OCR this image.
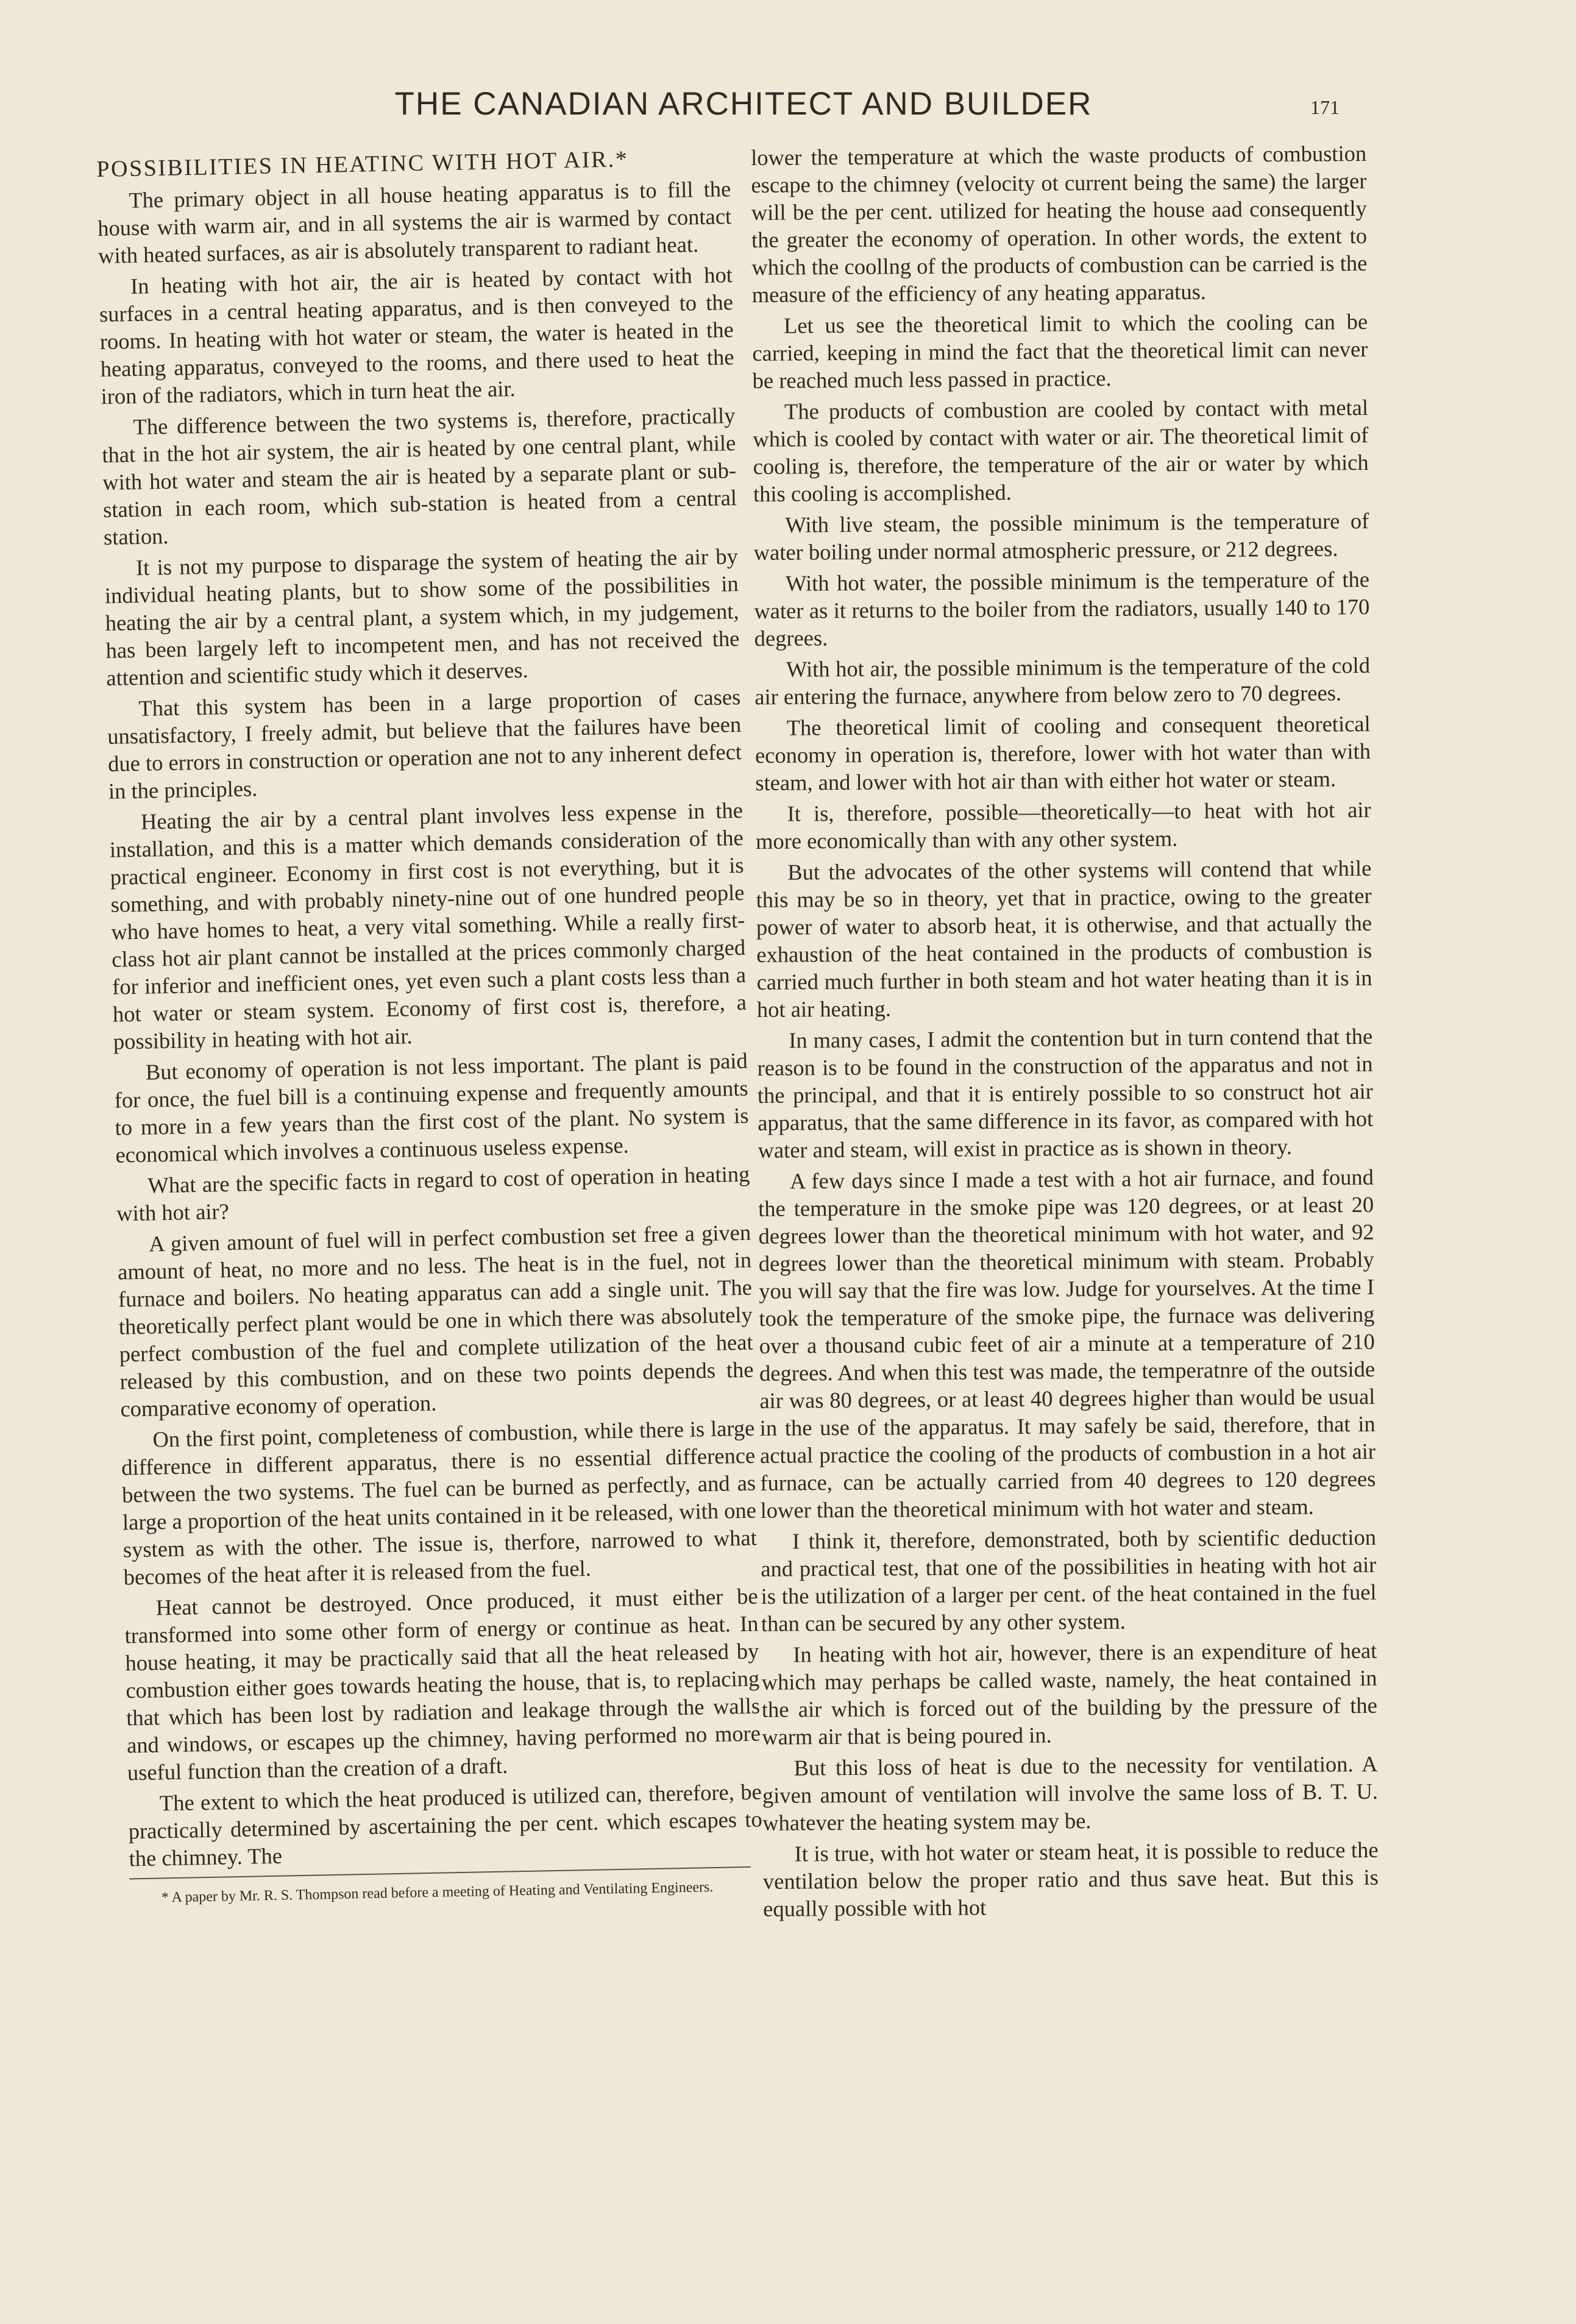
THE CANADIAN ARCHITECT AND BUILDER	171
POSSIBILITIES IN HEATINC WITH HOT AIR.*

The primary object in all house heating apparatus is to fill the house with warm air, and in all systems the air is warmed by contact with heated surfaces, as air is absolutely transparent to radiant heat.

In heating with hot air, the air is heated by contact with hot surfaces in a central heating apparatus, and is then conveyed to the rooms. In heating with hot water or steam, the water is heated in the heating apparatus, conveyed to the rooms, and there used to heat the iron of the radiators, which in turn heat the air.

The difference between the two systems is, therefore, practically that in the hot air system, the air is heated by one central plant, while with hot water and steam the air is heated by a separate plant or sub-station in each room, which sub-station is heated from a central station.

It is not my purpose to disparage the system of heating the air by individual heating plants, but to show some of the possibilities in heating the air by a central plant, a system which, in my judgement, has been largely left to incompetent men, and has not received the attention and scientific study which it deserves.

That this system has been in a large proportion of cases unsatisfactory, I freely admit, but believe that the failures have been due to errors in construction or operation ane not to any inherent defect in the principles.

Heating the air by a central plant involves less expense in the installation, and this is a matter which demands consideration of the practical engineer. Economy in first cost is not everything, but it is something, and with probably ninety-nine out of one hundred people who have homes to heat, a very vital something. While a really first-class hot air plant cannot be installed at the prices commonly charged for inferior and inefficient ones, yet even such a plant costs less than a hot water or steam system. Economy of first cost is, therefore, a possibility in heating with hot air.

But economy of operation is not less important. The plant is paid for once, the fuel bill is a continuing expense and frequently amounts to more in a few years than the first cost of the plant. No system is economical which involves a continuous useless expense.

What are the specific facts in regard to cost of operation in heating with hot air?

A given amount of fuel will in perfect combustion set free a given amount of heat, no more and no less. The heat is in the fuel, not in furnace and boilers. No heating apparatus can add a single unit. The theoretically perfect plant would be one in which there was absolutely perfect combustion of the fuel and complete utilization of the heat released by this combustion, and on these two points depends the comparative economy of operation.

On the first point, completeness of combustion, while there is large difference in different apparatus, there is no essential difference between the two systems. The fuel can be burned as perfectly, and as large a proportion of the heat units contained in it be released, with one system as with the other. The issue is, therfore, narrowed to what becomes of the heat after it is released from the fuel.

Heat cannot be destroyed. Once produced, it must either be transformed into some other form of energy or continue as heat. In house heating, it may be practically said that all the heat released by combustion either goes towards heating the house, that is, to replacing that which has been lost by radiation and leakage through the walls and windows, or escapes up the chimney, having performed no more useful function than the creation of a draft.

The extent to which the heat produced is utilized can, therefore, be practically determined by ascertaining the per cent. which escapes to the chimney. The

* A paper by Mr. R. S. Thompson read before a meeting of Heating and Ventilating Engineers.

lower the temperature at which the waste products of combustion escape to the chimney (velocity ot current being the same) the larger will be the per cent. utilized for heating the house aad consequently the greater the economy of operation. In other words, the extent to which the coollng of the products of combustion can be carried is the measure of the efficiency of any heating apparatus.

Let us see the theoretical limit to which the cooling can be carried, keeping in mind the fact that the theoretical limit can never be reached much less passed in practice.

The products of combustion are cooled by contact with metal which is cooled by contact with water or air. The theoretical limit of cooling is, therefore, the temperature of the air or water by which this cooling is accomplished.

With live steam, the possible minimum is the temperature of water boiling under normal atmospheric pressure, or 212 degrees.

With hot water, the possible minimum is the temperature of the water as it returns to the boiler from the radiators, usually 140 to 170 degrees.

With hot air, the possible minimum is the temperature of the cold air entering the furnace, anywhere from below zero to 70 degrees.

The theoretical limit of cooling and consequent theoretical economy in operation is, therefore, lower with hot water than with steam, and lower with hot air than with either hot water or steam.

It is, therefore, possible—theoretically—to heat with hot air more economically than with any other system.

But the advocates of the other systems will contend that while this may be so in theory, yet that in practice, owing to the greater power of water to absorb heat, it is otherwise, and that actually the exhaustion of the heat contained in the products of combustion is carried much further in both steam and hot water heating than it is in hot air heating.

In many cases, I admit the contention but in turn contend that the reason is to be found in the construction of the apparatus and not in the principal, and that it is entirely possible to so construct hot air apparatus, that the same difference in its favor, as compared with hot water and steam, will exist in practice as is shown in theory.

A few days since I made a test with a hot air furnace, and found the temperature in the smoke pipe was 120 degrees, or at least 20 degrees lower than the theoretical minimum with hot water, and 92 degrees lower than the theoretical minimum with steam. Probably you will say that the fire was low. Judge for yourselves. At the time I took the temperature of the smoke pipe, the furnace was delivering over a thousand cubic feet of air a minute at a temperature of 210 degrees. And when this test was made, the temperatnre of the outside air was 80 degrees, or at least 40 degrees higher than would be usual in the use of the apparatus. It may safely be said, therefore, that in actual practice the cooling of the products of combustion in a hot air furnace, can be actually carried from 40 degrees to 120 degrees lower than the theoretical minimum with hot water and steam.

I think it, therefore, demonstrated, both by scientific deduction and practical test, that one of the possibilities in heating with hot air is the utilization of a larger per cent. of the heat contained in the fuel than can be secured by any other system.

In heating with hot air, however, there is an expenditure of heat which may perhaps be called waste, namely, the heat contained in the air which is forced out of the building by the pressure of the warm air that is being poured in.

But this loss of heat is due to the necessity for ventilation. A given amount of ventilation will involve the same loss of B. T. U. whatever the heating system may be.

It is true, with hot water or steam heat, it is possible to reduce the ventilation below the proper ratio and thus save heat. But this is equally possible with hot
